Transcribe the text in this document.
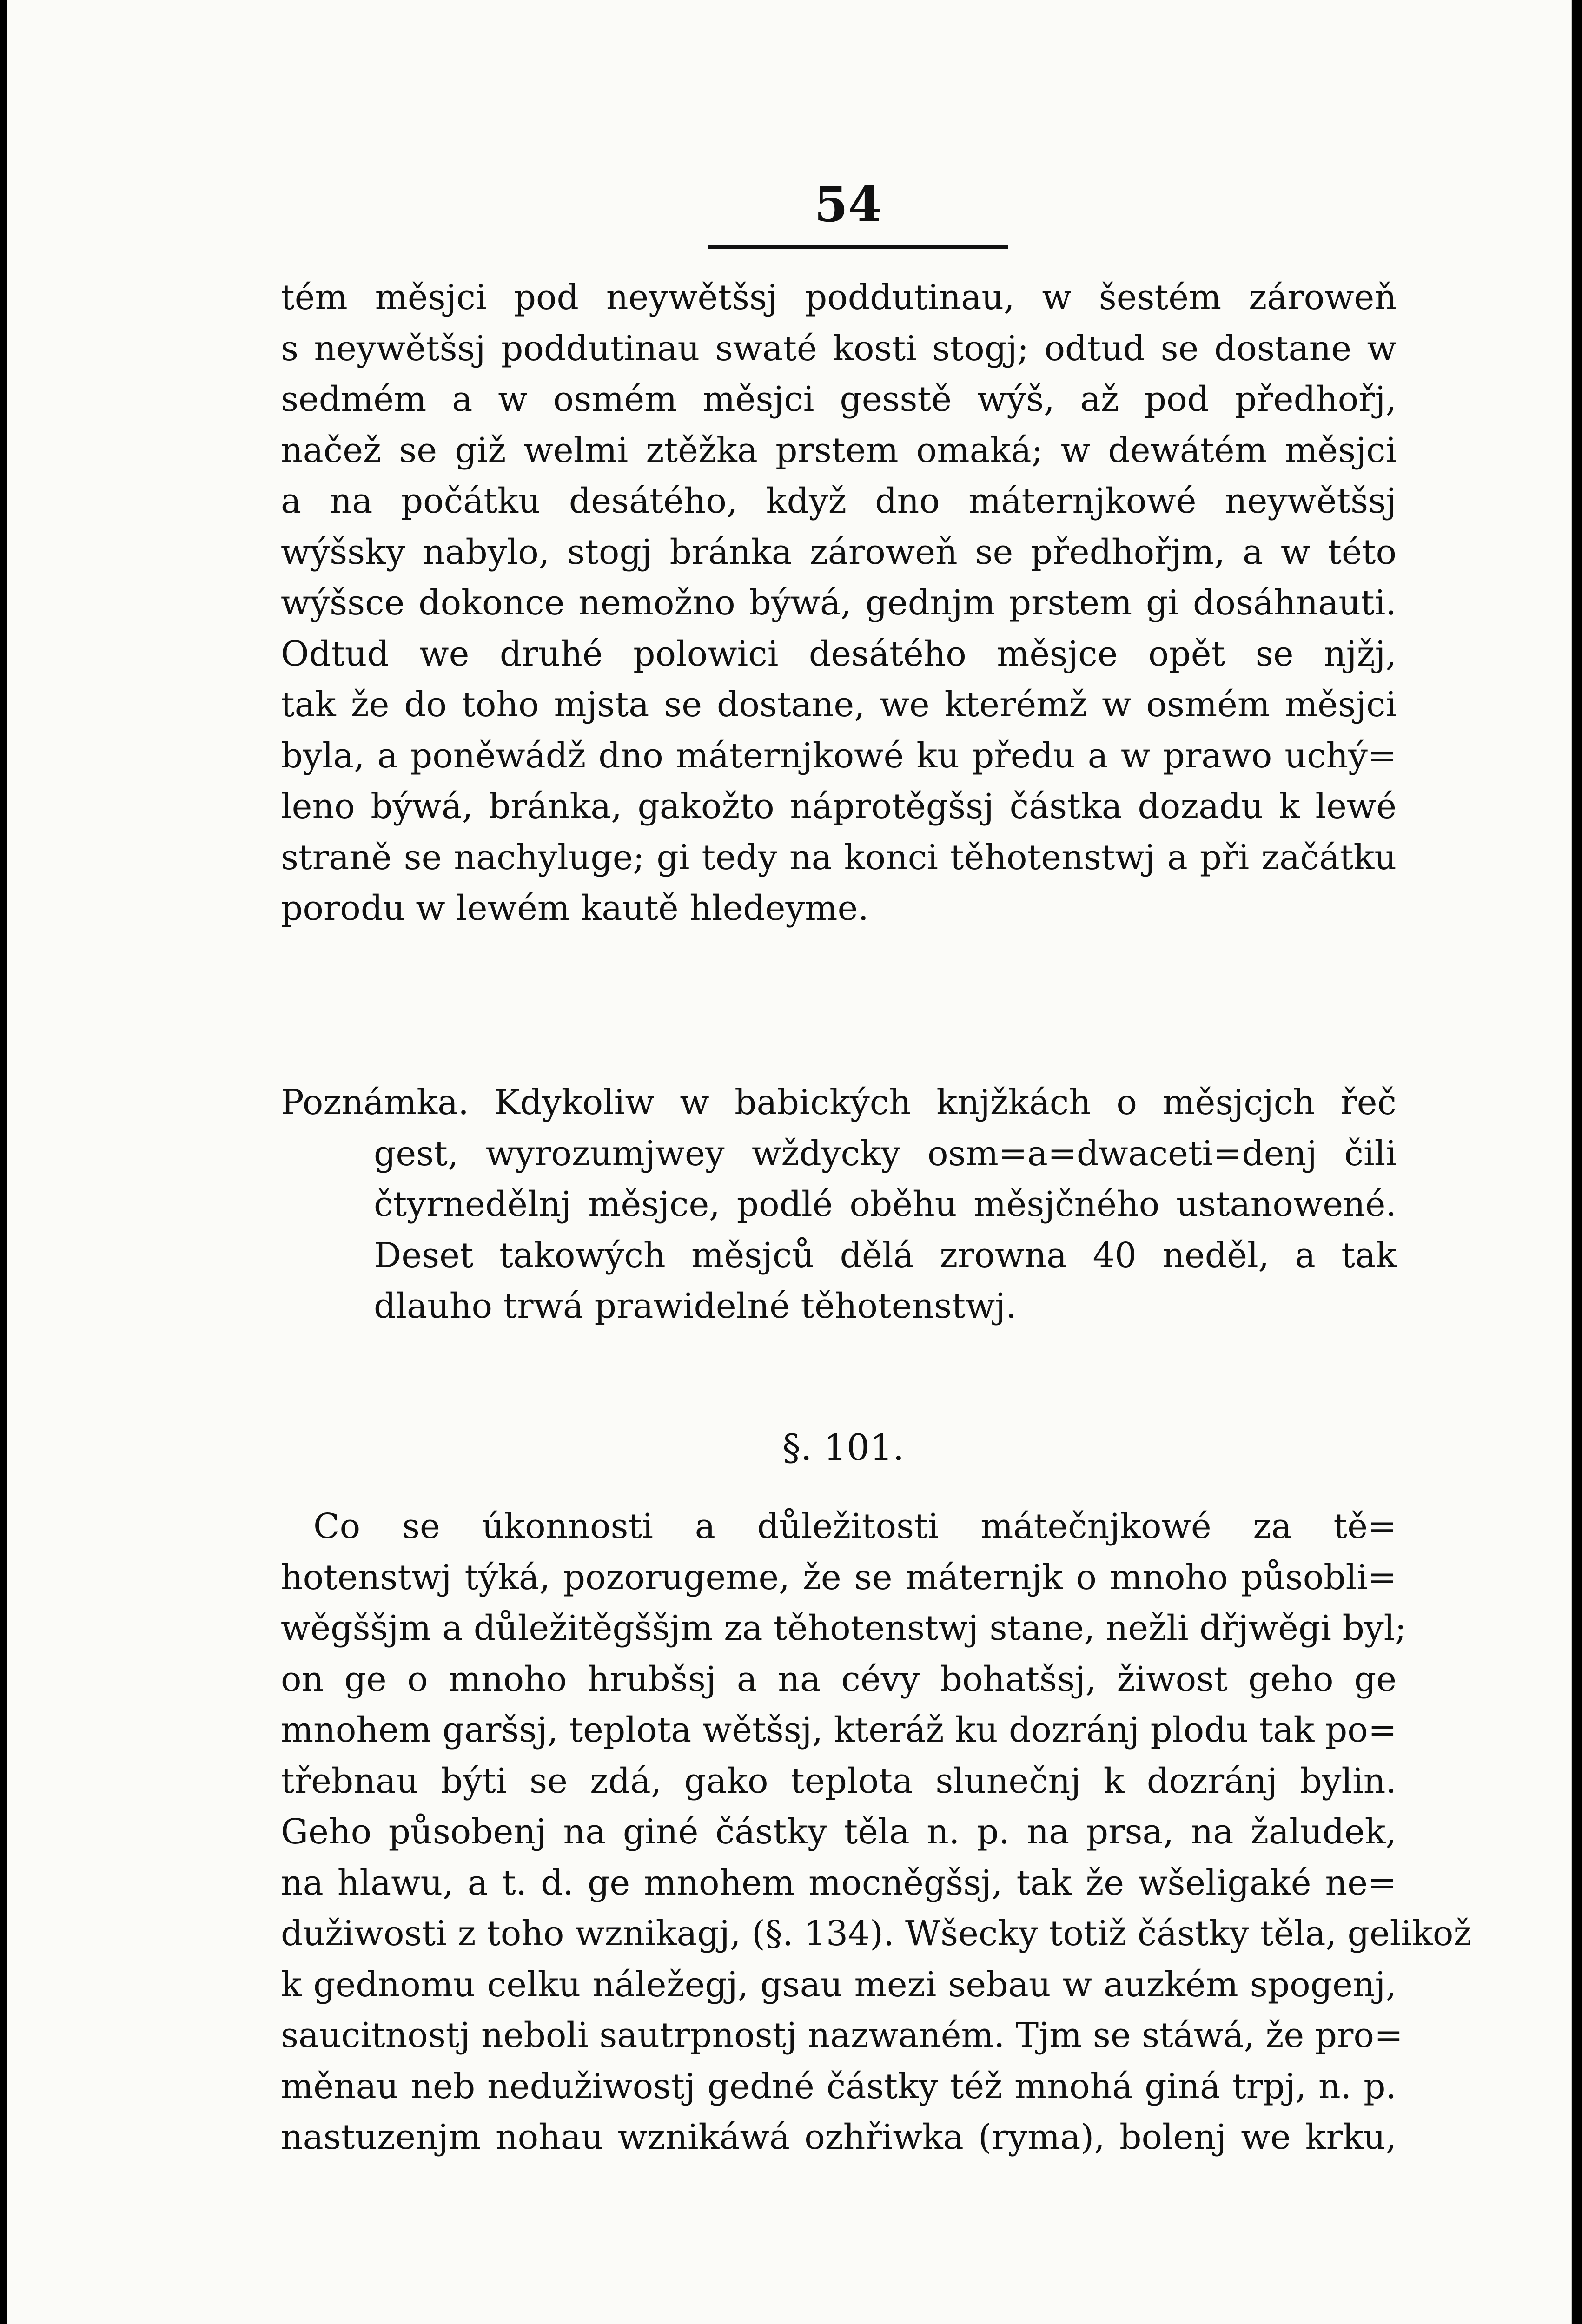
54
tém měsjci pod neywětšsj poddutinau, w šestém zároweň
s neywětšsj poddutinau swaté kosti stogj; odtud se dostane w
sedmém a w osmém měsjci gesstě wýš, až pod předhořj,
načež se giž welmi ztěžka prstem omaká; w dewátém měsjci
a na počátku desátého, když dno máternjkowé neywětšsj
wýšsky nabylo, stogj bránka zároweň se předhořjm, a w této
wýšsce dokonce nemožno býwá, gednjm prstem gi dosáhnauti.
Odtud we druhé polowici desátého měsjce opět se njžj,
tak že do toho mjsta se dostane, we kterémž w osmém měsjci
byla, a poněwádž dno máternjkowé ku předu a w prawo uchý=
leno býwá, bránka, gakožto náprotěgšsj částka dozadu k lewé
straně se nachyluge; gi tedy na konci těhotenstwj a při začátku
porodu w lewém kautě hledeyme.
Poznámka. Kdykoliw w babických knjžkách o měsjcjch řeč
gest, wyrozumjwey wždycky osm=a=dwaceti=denj čili
čtyrnedělnj měsjce, podlé oběhu měsjčného ustanowené.
Deset takowých měsjců dělá zrowna 40 neděl, a tak
dlauho trwá prawidelné těhotenstwj.
§. 101.
Co se úkonnosti a důležitosti mátečnjkowé za tě=
hotenstwj týká, pozorugeme, že se máternjk o mnoho působli=
wěgššjm a důležitěgššjm za těhotenstwj stane, nežli dřjwěgi byl;
on ge o mnoho hrubšsj a na cévy bohatšsj, žiwost geho ge
mnohem garšsj, teplota wětšsj, kteráž ku dozránj plodu tak po=
třebnau býti se zdá, gako teplota slunečnj k dozránj bylin.
Geho působenj na giné částky těla n. p. na prsa, na žaludek,
na hlawu, a t. d. ge mnohem mocněgšsj, tak že wšeligaké ne=
dužiwosti z toho wznikagj, (§. 134). Wšecky totiž částky těla, gelikož
k gednomu celku náležegj, gsau mezi sebau w auzkém spogenj,
saucitnostj neboli sautrpnostj nazwaném. Tjm se stáwá, že pro=
měnau neb nedužiwostj gedné částky též mnohá giná trpj, n. p.
nastuzenjm nohau wznikáwá ozhřiwka (ryma), bolenj we krku,
